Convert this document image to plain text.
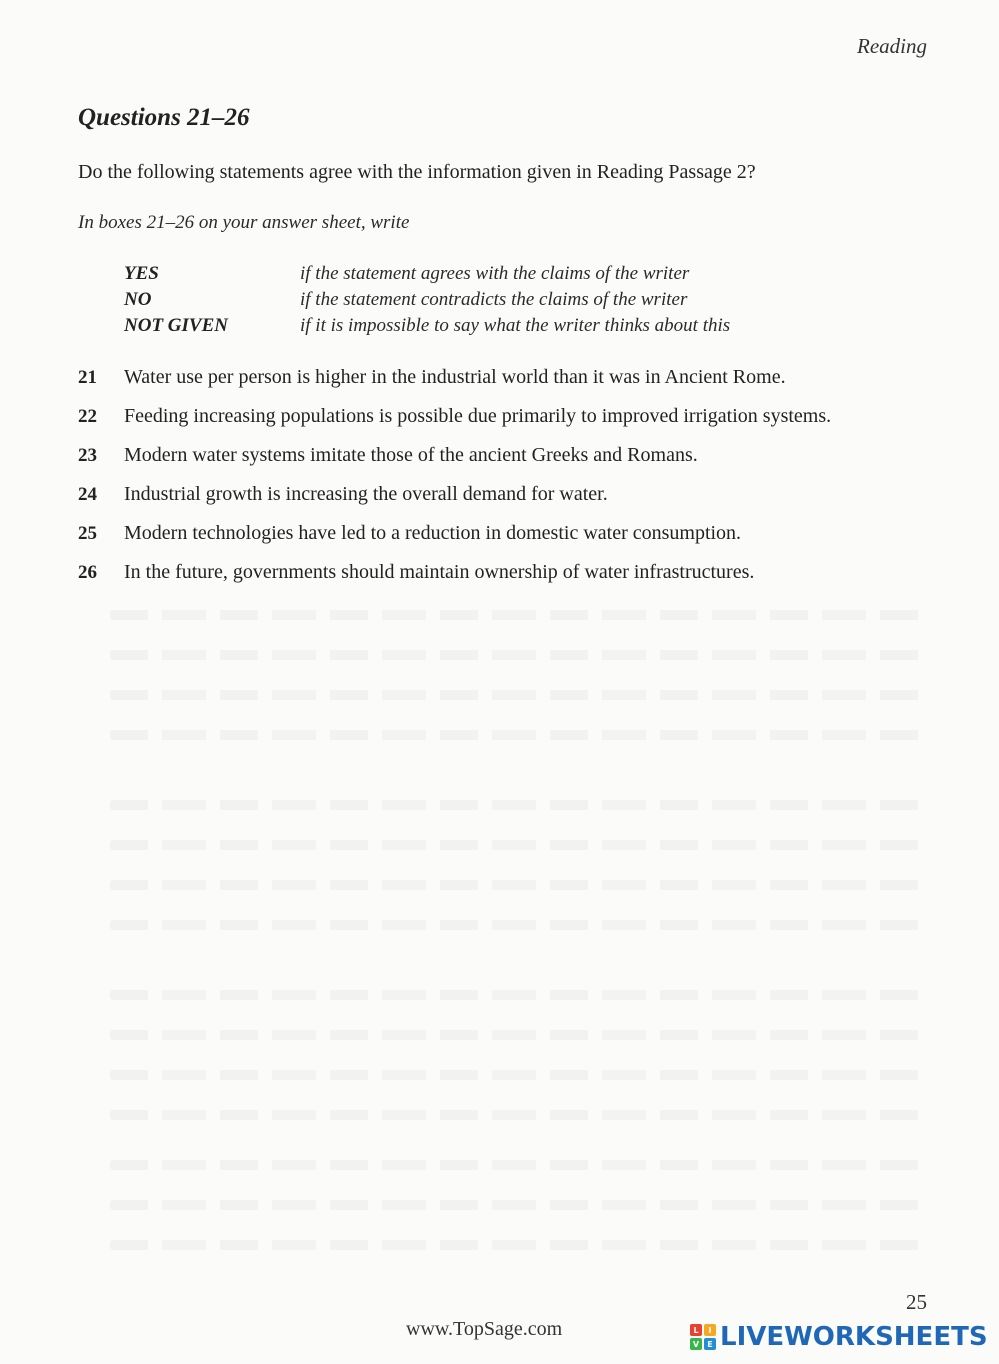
Reading
Questions 21–26
Do the following statements agree with the information given in Reading Passage 2?
In boxes 21–26 on your answer sheet, write
YES	if the statement agrees with the claims of the writer
NO	if the statement contradicts the claims of the writer
NOT GIVEN	if it is impossible to say what the writer thinks about this
21	Water use per person is higher in the industrial world than it was in Ancient Rome.
22	Feeding increasing populations is possible due primarily to improved irrigation systems.
23	Modern water systems imitate those of the ancient Greeks and Romans.
24	Industrial growth is increasing the overall demand for water.
25	Modern technologies have led to a reduction in domestic water consumption.
26	In the future, governments should maintain ownership of water infrastructures.
25
www.TopSage.com	L	I
V	E LIVEWORKSHEETS
